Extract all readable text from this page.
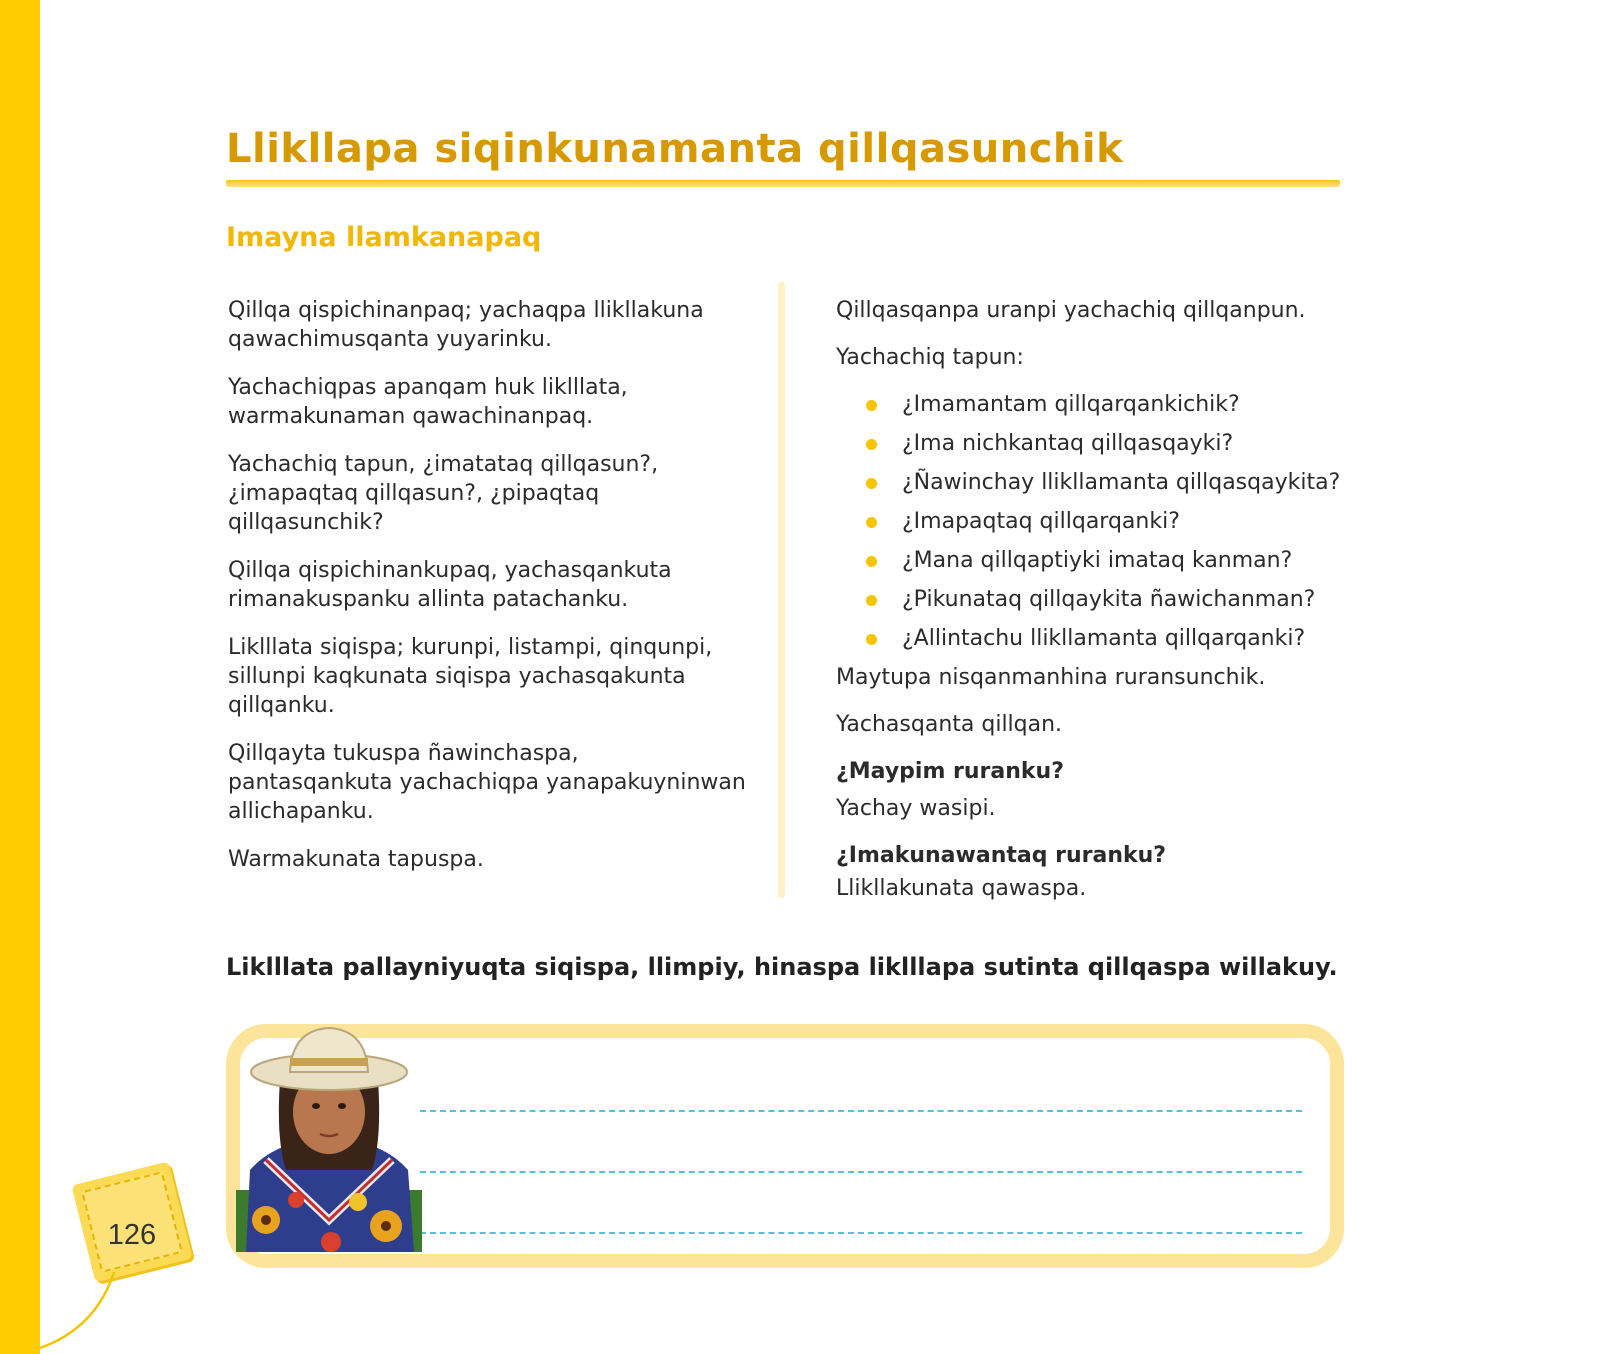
Llikllapa siqinkunamanta qillqasunchik
Imayna llamkanapaq

Qillqa qispichinanpaq; yachaqpa llikllakuna qawachimusqanta yuyarinku.

Yachachiqpas apanqam huk liklllata, warmakunaman qawachinanpaq.

Yachachiq tapun, ¿imatataq qillqasun?, ¿imapaqtaq qillqasun?, ¿pipaqtaq qillqasunchik?

Qillqa qispichinankupaq, yachasqankuta rimanakuspanku allinta patachanku.

Liklllata siqispa; kurunpi, listampi, qinqunpi, sillunpi kaqkunata siqispa yachasqakunta qillqanku.

Qillqayta tukuspa ñawinchaspa, pantasqankuta yachachiqpa yanapakuyninwan allichapanku.

Warmakunata tapuspa.

Qillqasqanpa uranpi yachachiq qillqanpun.

Yachachiq tapun:

¿Imamantam qillqarqankichik?
¿Ima nichkantaq qillqasqayki?
¿Ñawinchay llikllamanta qillqasqaykita?
¿Imapaqtaq qillqarqanki?
¿Mana qillqaptiyki imataq kanman?
¿Pikunataq qillqaykita ñawichanman?
¿Allintachu llikllamanta qillqarqanki?

Maytupa nisqanmanhina ruransunchik.

Yachasqanta qillqan.

¿Maypim ruranku?

Yachay wasipi.

¿Imakunawantaq ruranku?

Llikllakunata qawaspa.

Liklllata pallayniyuqta siqispa, llimpiy, hinaspa liklllapa sutinta qillqaspa willakuy.

126
